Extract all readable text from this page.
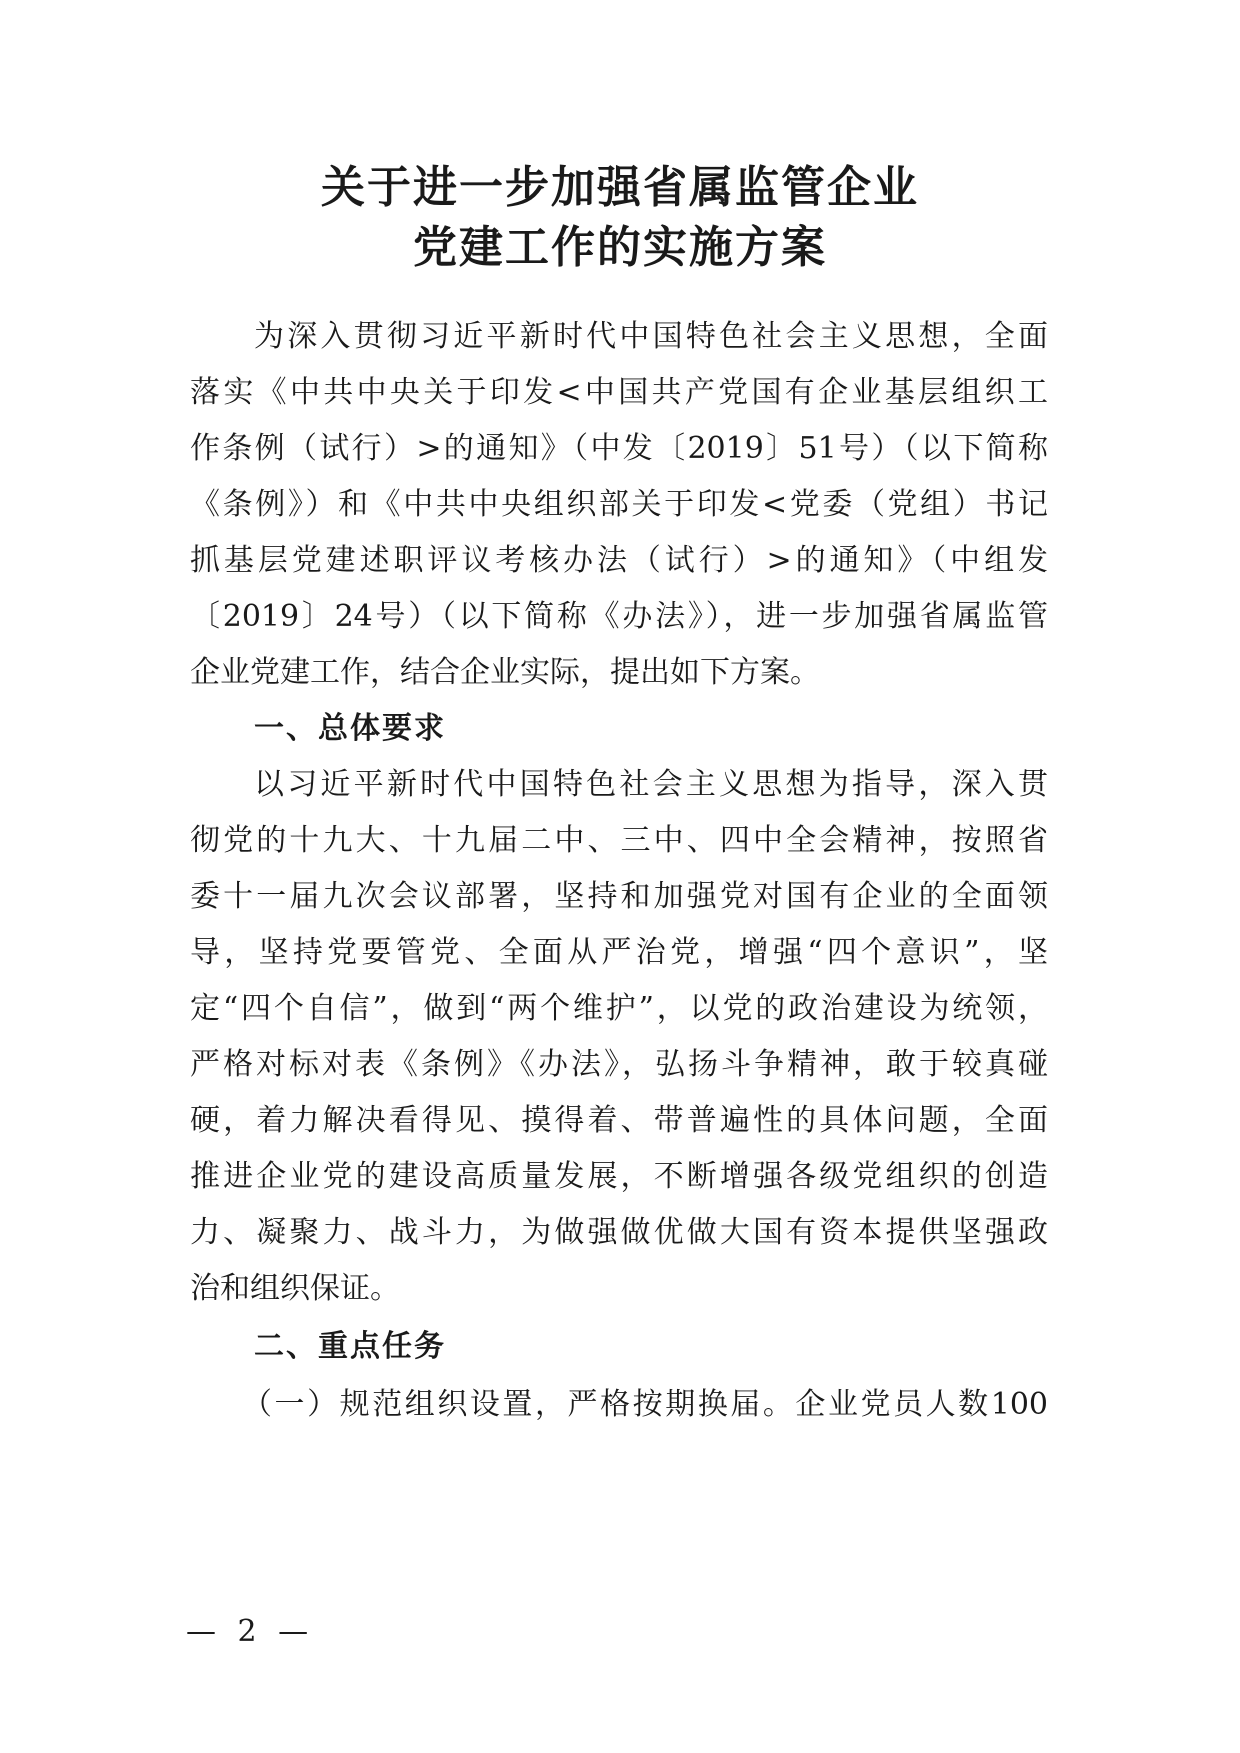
关于进一步加强省属监管企业
党建工作的实施方案
为深入贯彻习近平新时代中国特色社会主义思想，全面
落实《中共中央关于印发<中国共产党国有企业基层组织工
作条例（试行）>的通知》（中发〔2019〕51号）（以下简称
《条例》）和《中共中央组织部关于印发<党委（党组）书记
抓基层党建述职评议考核办法（试行）>的通知》（中组发
〔2019〕24号）（以下简称《办法》），进一步加强省属监管
企业党建工作，结合企业实际，提出如下方案。
一、总体要求
以习近平新时代中国特色社会主义思想为指导，深入贯
彻党的十九大、十九届二中、三中、四中全会精神，按照省
委十一届九次会议部署，坚持和加强党对国有企业的全面领
导，坚持党要管党、全面从严治党，增强“四个意识”，坚
定“四个自信”，做到“两个维护”，以党的政治建设为统领，
严格对标对表《条例》《办法》，弘扬斗争精神，敢于较真碰
硬，着力解决看得见、摸得着、带普遍性的具体问题，全面
推进企业党的建设高质量发展，不断增强各级党组织的创造
力、凝聚力、战斗力，为做强做优做大国有资本提供坚强政
治和组织保证。
二、重点任务
（一）规范组织设置，严格按期换届。企业党员人数100
— 2 —
